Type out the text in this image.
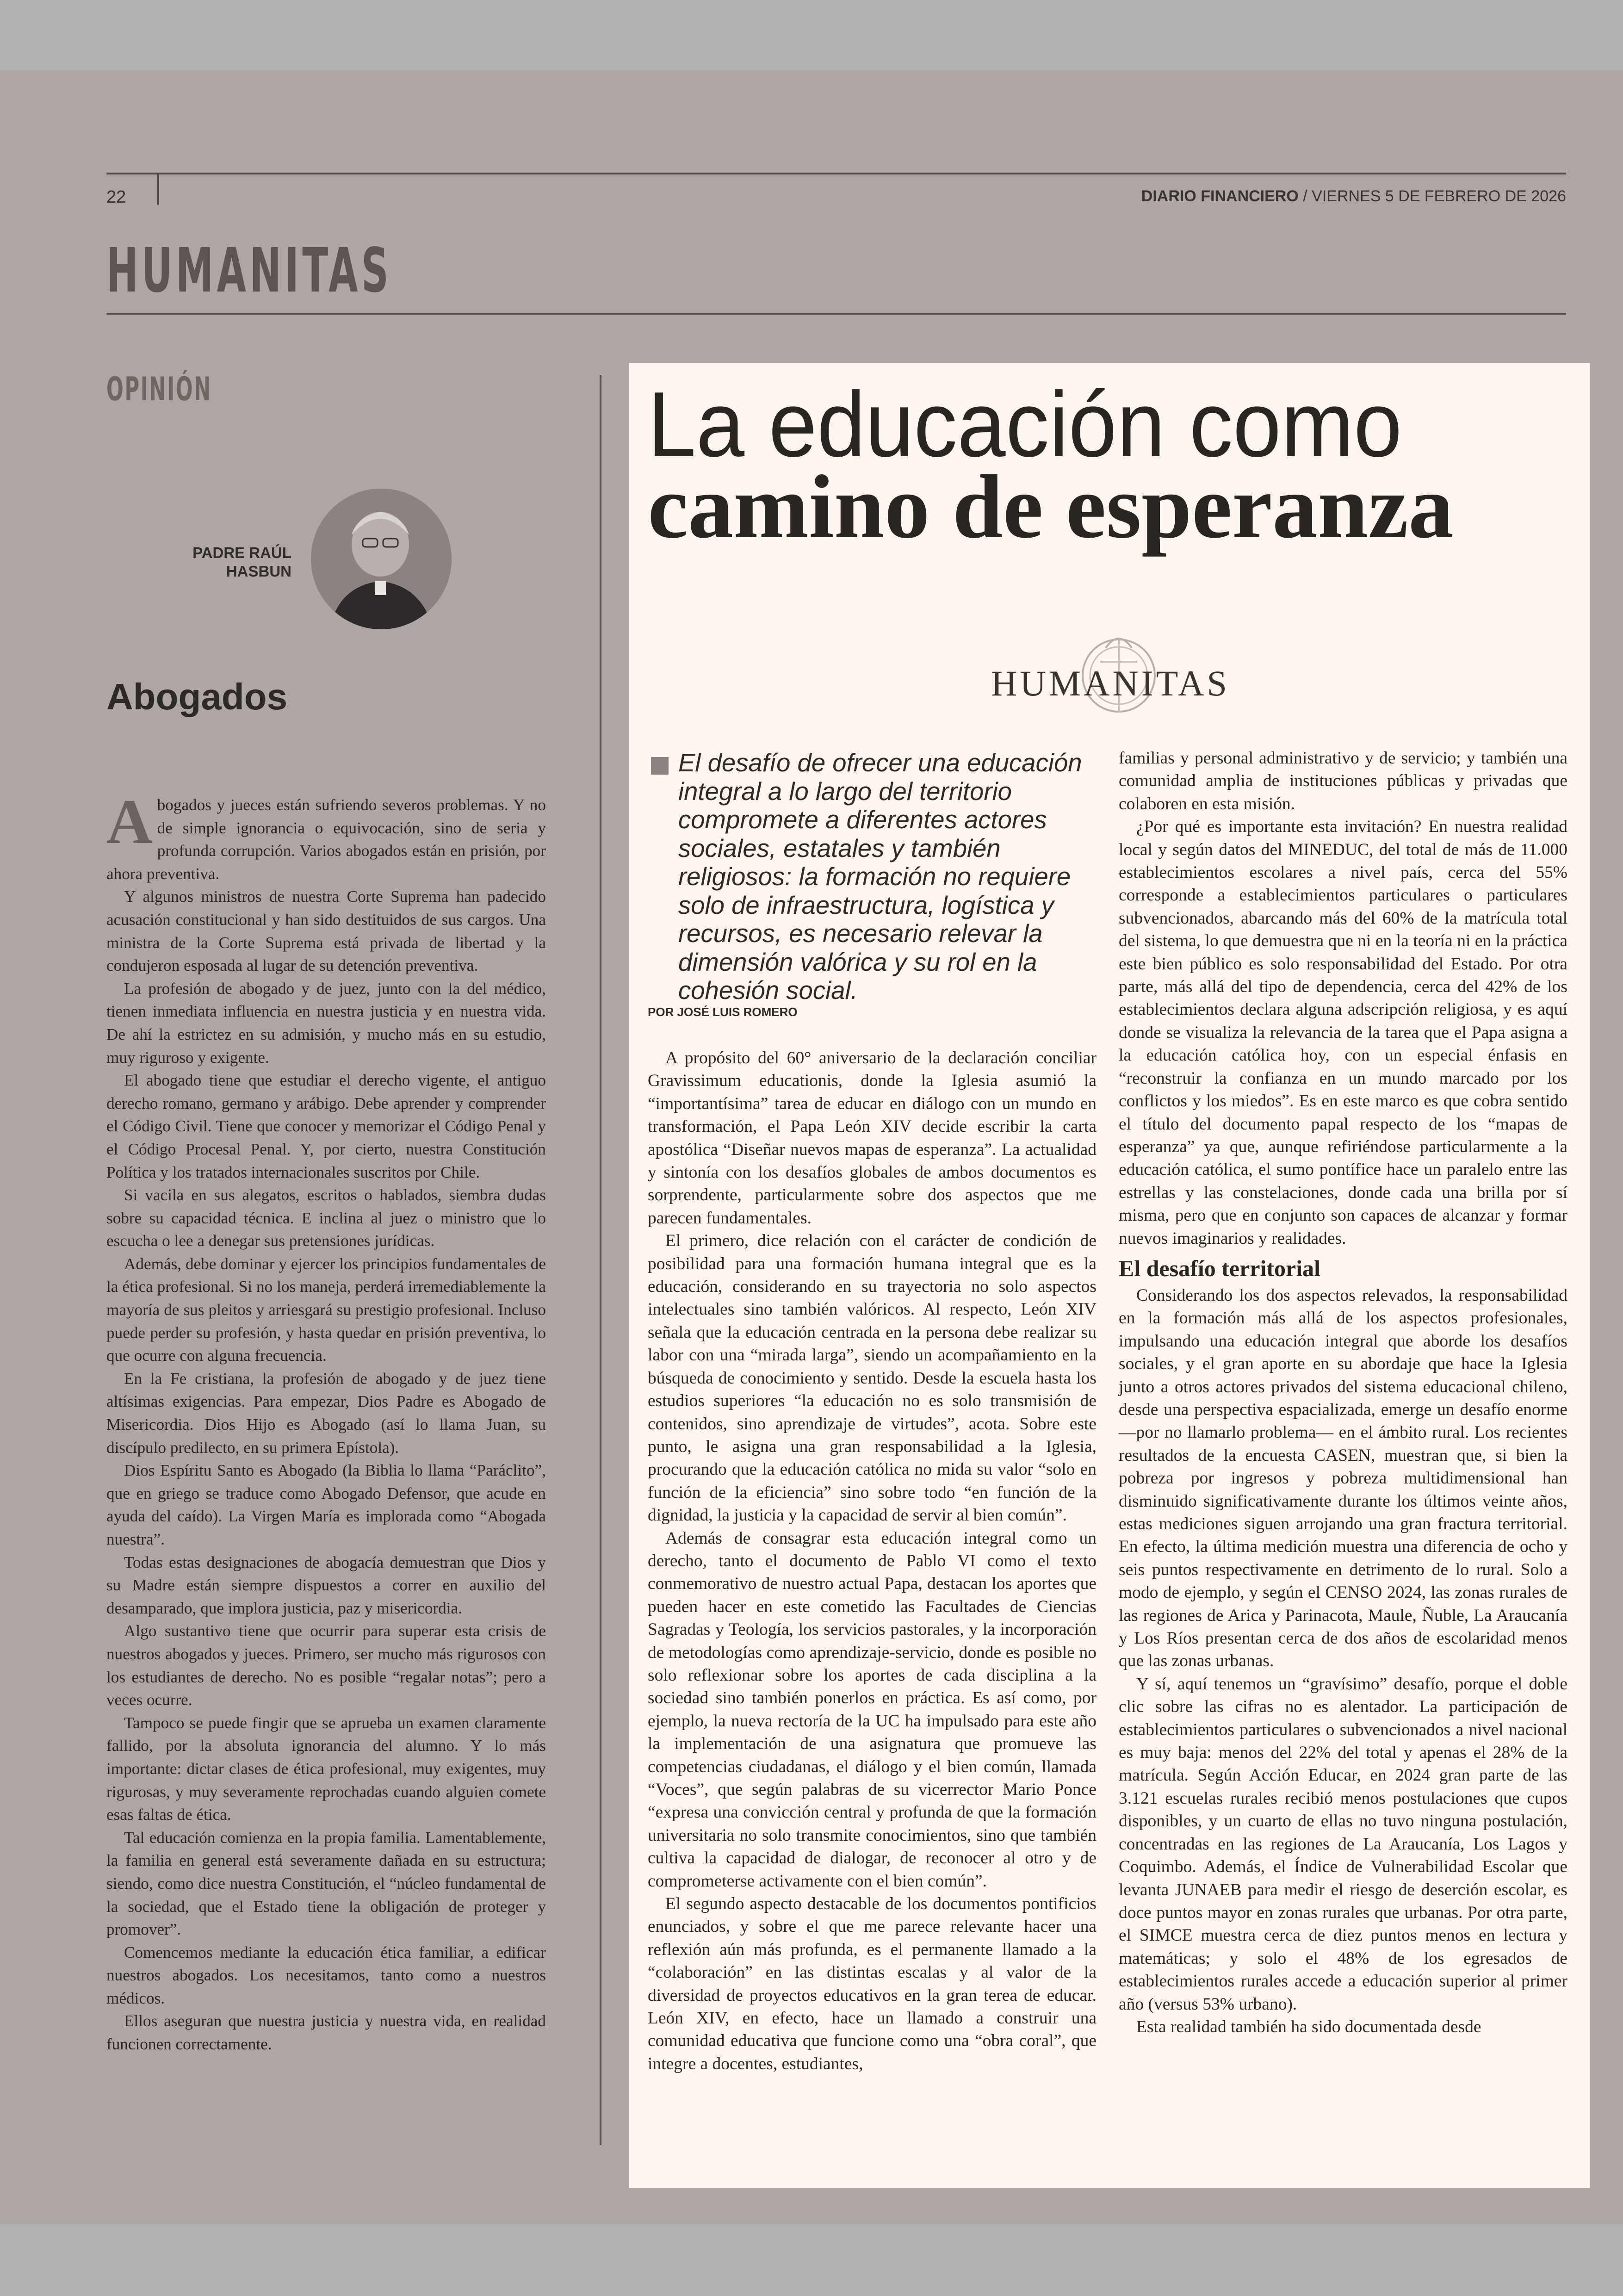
22	DIARIO FINANCIERO / VIERNES 5 DE FEBRERO DE 2026
HUMANITAS
OPINIÓN
PADRE RAÚL
HASBUN
Abogados

Abogados y jueces están sufriendo severos problemas. Y no de simple ignorancia o equivocación, sino de seria y profunda corrupción. Varios abogados están en prisión, por ahora preventiva.

Y algunos ministros de nuestra Corte Suprema han padecido acusación constitucional y han sido destituidos de sus cargos. Una ministra de la Corte Suprema está privada de libertad y la condujeron esposada al lugar de su detención preventiva.

La profesión de abogado y de juez, junto con la del médico, tienen inmediata influencia en nuestra justicia y en nuestra vida. De ahí la estrictez en su admisión, y mucho más en su estudio, muy riguroso y exigente.

El abogado tiene que estudiar el derecho vigente, el antiguo derecho romano, germano y arábigo. Debe aprender y comprender el Código Civil. Tiene que conocer y memorizar el Código Penal y el Código Procesal Penal. Y, por cierto, nuestra Constitución Política y los tratados internacionales suscritos por Chile.

Si vacila en sus alegatos, escritos o hablados, siembra dudas sobre su capacidad técnica. E inclina al juez o ministro que lo escucha o lee a denegar sus pretensiones jurídicas.

Además, debe dominar y ejercer los principios fundamentales de la ética profesional. Si no los maneja, perderá irremediablemente la mayoría de sus pleitos y arriesgará su prestigio profesional. Incluso puede perder su profesión, y hasta quedar en prisión preventiva, lo que ocurre con alguna frecuencia.

En la Fe cristiana, la profesión de abogado y de juez tiene altísimas exigencias. Para empezar, Dios Padre es Abogado de Misericordia. Dios Hijo es Abogado (así lo llama Juan, su discípulo predilecto, en su primera Epístola).

Dios Espíritu Santo es Abogado (la Biblia lo llama “Paráclito”, que en griego se traduce como Abogado Defensor, que acude en ayuda del caído). La Virgen María es implorada como “Abogada nuestra”.

Todas estas designaciones de abogacía demuestran que Dios y su Madre están siempre dispuestos a correr en auxilio del desamparado, que implora justicia, paz y misericordia.

Algo sustantivo tiene que ocurrir para superar esta crisis de nuestros abogados y jueces. Primero, ser mucho más rigurosos con los estudiantes de derecho. No es posible “regalar notas”; pero a veces ocurre.

Tampoco se puede fingir que se aprueba un examen claramente fallido, por la absoluta ignorancia del alumno. Y lo más importante: dictar clases de ética profesional, muy exigentes, muy rigurosas, y muy severamente reprochadas cuando alguien comete esas faltas de ética.

Tal educación comienza en la propia familia. Lamentablemente, la familia en general está severamente dañada en su estructura; siendo, como dice nuestra Constitución, el “núcleo fundamental de la sociedad, que el Estado tiene la obligación de proteger y promover”.

Comencemos mediante la educación ética familiar, a edificar nuestros abogados. Los necesitamos, tanto como a nuestros médicos.

Ellos aseguran que nuestra justicia y nuestra vida, en realidad funcionen correctamente.

La educación como
camino de esperanza
HUMANITAS
El desafío de ofrecer una educación integral a lo largo del territorio compromete a diferentes actores sociales, estatales y también religiosos: la formación no requiere solo de infraestructura, logística y recursos, es necesario relevar la dimensión valórica y su rol en la cohesión social.
POR JOSÉ LUIS ROMERO

A propósito del 60° aniversario de la declaración conciliar Gravissimum educationis, donde la Iglesia asumió la “importantísima” tarea de educar en diálogo con un mundo en transformación, el Papa León XIV decide escribir la carta apostólica “Diseñar nuevos mapas de esperanza”. La actualidad y sintonía con los desafíos globales de ambos documentos es sorprendente, particularmente sobre dos aspectos que me parecen fundamentales.

El primero, dice relación con el carácter de condición de posibilidad para una formación humana integral que es la educación, considerando en su trayectoria no solo aspectos intelectuales sino también valóricos. Al respecto, León XIV señala que la educación centrada en la persona debe realizar su labor con una “mirada larga”, siendo un acompañamiento en la búsqueda de conocimiento y sentido. Desde la escuela hasta los estudios superiores “la educación no es solo transmisión de contenidos, sino aprendizaje de virtudes”, acota. Sobre este punto, le asigna una gran responsabilidad a la Iglesia, procurando que la educación católica no mida su valor “solo en función de la eficiencia” sino sobre todo “en función de la dignidad, la justicia y la capacidad de servir al bien común”.

Además de consagrar esta educación integral como un derecho, tanto el documento de Pablo VI como el texto conmemorativo de nuestro actual Papa, destacan los aportes que pueden hacer en este cometido las Facultades de Ciencias Sagradas y Teología, los servicios pastorales, y la incorporación de metodologías como aprendizaje-servicio, donde es posible no solo reflexionar sobre los aportes de cada disciplina a la sociedad sino también ponerlos en práctica. Es así como, por ejemplo, la nueva rectoría de la UC ha impulsado para este año la implementación de una asignatura que promueve las competencias ciudadanas, el diálogo y el bien común, llamada “Voces”, que según palabras de su vicerrector Mario Ponce “expresa una convicción central y profunda de que la formación universitaria no solo transmite conocimientos, sino que también cultiva la capacidad de dialogar, de reconocer al otro y de comprometerse activamente con el bien común”.

El segundo aspecto destacable de los documentos pontificios enunciados, y sobre el que me parece relevante hacer una reflexión aún más profunda, es el permanente llamado a la “colaboración” en las distintas escalas y al valor de la diversidad de proyectos educativos en la gran terea de educar. León XIV, en efecto, hace un llamado a construir una comunidad educativa que funcione como una “obra coral”, que integre a docentes, estudiantes,

familias y personal administrativo y de servicio; y también una comunidad amplia de instituciones públicas y privadas que colaboren en esta misión.

¿Por qué es importante esta invitación? En nuestra realidad local y según datos del MINEDUC, del total de más de 11.000 establecimientos escolares a nivel país, cerca del 55% corresponde a establecimientos particulares o particulares subvencionados, abarcando más del 60% de la matrícula total del sistema, lo que demuestra que ni en la teoría ni en la práctica este bien público es solo responsabilidad del Estado. Por otra parte, más allá del tipo de dependencia, cerca del 42% de los establecimientos declara alguna adscripción religiosa, y es aquí donde se visualiza la relevancia de la tarea que el Papa asigna a la educación católica hoy, con un especial énfasis en “reconstruir la confianza en un mundo marcado por los conflictos y los miedos”. Es en este marco es que cobra sentido el título del documento papal respecto de los “mapas de esperanza” ya que, aunque refiriéndose particularmente a la educación católica, el sumo pontífice hace un paralelo entre las estrellas y las constelaciones, donde cada una brilla por sí misma, pero que en conjunto son capaces de alcanzar y formar nuevos imaginarios y realidades.

El desafío territorial

Considerando los dos aspectos relevados, la responsabilidad en la formación más allá de los aspectos profesionales, impulsando una educación integral que aborde los desafíos sociales, y el gran aporte en su abordaje que hace la Iglesia junto a otros actores privados del sistema educacional chileno, desde una perspectiva espacializada, emerge un desafío enorme —por no llamarlo problema— en el ámbito rural. Los recientes resultados de la encuesta CASEN, muestran que, si bien la pobreza por ingresos y pobreza multidimensional han disminuido significativamente durante los últimos veinte años, estas mediciones siguen arrojando una gran fractura territorial. En efecto, la última medición muestra una diferencia de ocho y seis puntos respectivamente en detrimento de lo rural. Solo a modo de ejemplo, y según el CENSO 2024, las zonas rurales de las regiones de Arica y Parinacota, Maule, Ñuble, La Araucanía y Los Ríos presentan cerca de dos años de escolaridad menos que las zonas urbanas.

Y sí, aquí tenemos un “gravísimo” desafío, porque el doble clic sobre las cifras no es alentador. La participación de establecimientos particulares o subvencionados a nivel nacional es muy baja: menos del 22% del total y apenas el 28% de la matrícula. Según Acción Educar, en 2024 gran parte de las 3.121 escuelas rurales recibió menos postulaciones que cupos disponibles, y un cuarto de ellas no tuvo ninguna postulación, concentradas en las regiones de La Araucanía, Los Lagos y Coquimbo. Además, el Índice de Vulnerabilidad Escolar que levanta JUNAEB para medir el riesgo de deserción escolar, es doce puntos mayor en zonas rurales que urbanas. Por otra parte, el SIMCE muestra cerca de diez puntos menos en lectura y matemáticas; y solo el 48% de los egresados de establecimientos rurales accede a educación superior al primer año (versus 53% urbano).

Esta realidad también ha sido documentada desde
